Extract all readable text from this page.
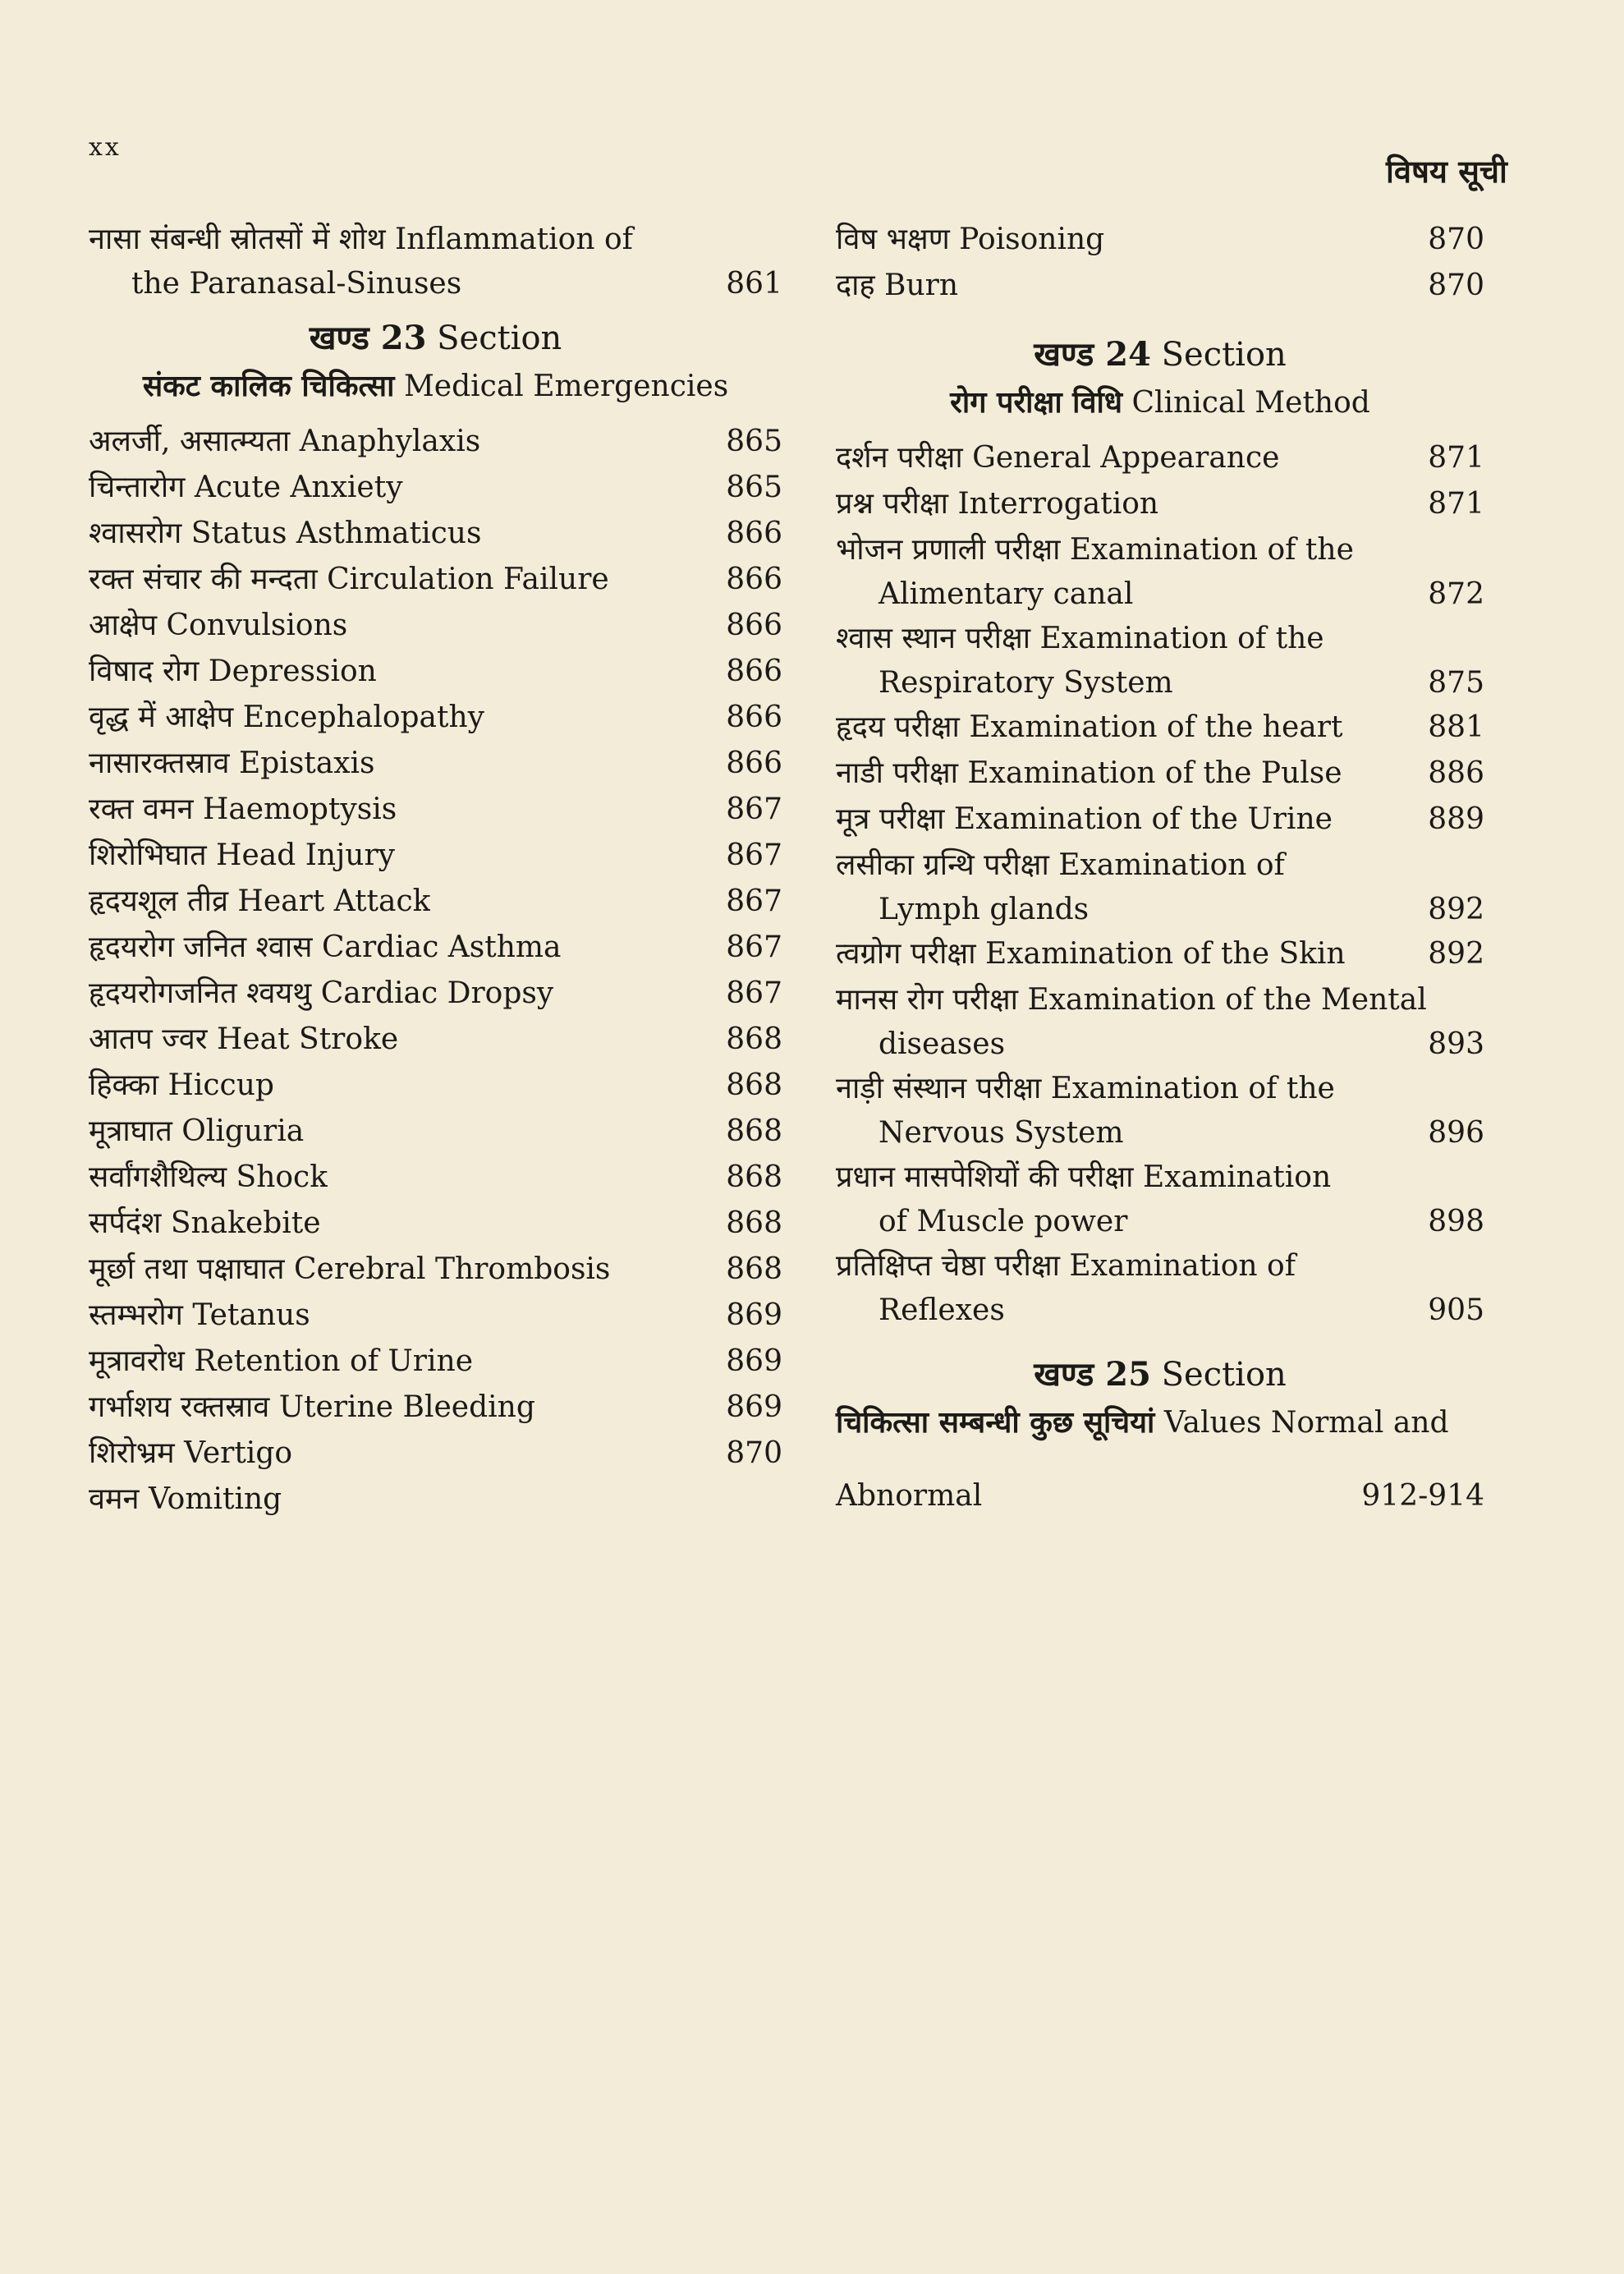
xx
विषय सूची
नासा संबन्धी स्रोतसों में शोथ Inflammation of
the Paranasal-Sinuses	861
खण्ड 23 Section
संकट कालिक चिकित्सा Medical Emergencies
अलर्जी, असात्म्यता Anaphylaxis	865
चिन्तारोग Acute Anxiety	865
श्वासरोग Status Asthmaticus	866
रक्त संचार की मन्दता Circulation Failure	866
आक्षेप Convulsions	866
विषाद रोग Depression	866
वृद्ध में आक्षेप Encephalopathy	866
नासारक्तस्राव Epistaxis	866
रक्त वमन Haemoptysis	867
शिरोभिघात Head Injury	867
हृदयशूल तीव्र Heart Attack	867
हृदयरोग जनित श्वास Cardiac Asthma	867
हृदयरोगजनित श्वयथु Cardiac Dropsy	867
आतप ज्वर Heat Stroke	868
हिक्का Hiccup	868
मूत्राघात Oliguria	868
सर्वांगशैथिल्य Shock	868
सर्पदंश Snakebite	868
मूर्छा तथा पक्षाघात Cerebral Thrombosis	868
स्तम्भरोग Tetanus	869
मूत्रावरोध Retention of Urine	869
गर्भाशय रक्तस्राव Uterine Bleeding	869
शिरोभ्रम Vertigo	870
वमन Vomiting
विष भक्षण Poisoning	870
दाह Burn	870
खण्ड 24 Section
रोग परीक्षा विधि Clinical Method
दर्शन परीक्षा General Appearance	871
प्रश्न परीक्षा Interrogation	871
भोजन प्रणाली परीक्षा Examination of the
Alimentary canal	872
श्वास स्थान परीक्षा Examination of the
Respiratory System	875
हृदय परीक्षा Examination of the heart	881
नाडी परीक्षा Examination of the Pulse	886
मूत्र परीक्षा Examination of the Urine	889
लसीका ग्रन्थि परीक्षा Examination of
Lymph glands	892
त्वग्रोग परीक्षा Examination of the Skin	892
मानस रोग परीक्षा Examination of the Mental
diseases	893
नाड़ी संस्थान परीक्षा Examination of the
Nervous System	896
प्रधान मासपेशियों की परीक्षा Examination
of Muscle power	898
प्रतिक्षिप्त चेष्ठा परीक्षा Examination of
Reflexes	905
खण्ड 25 Section
चिकित्सा सम्बन्धी कुछ सूचियां Values Normal and
Abnormal	912-914
